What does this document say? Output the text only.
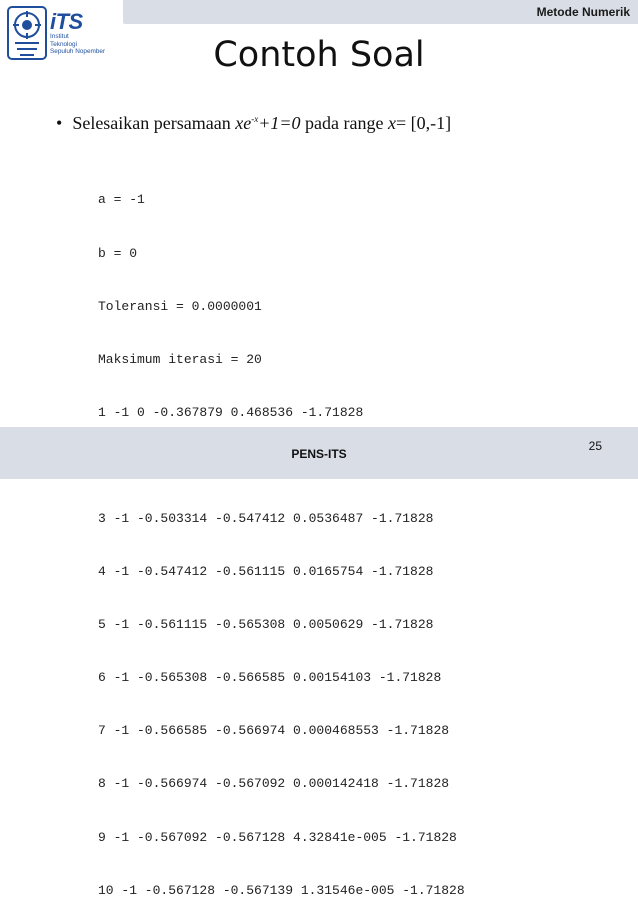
Metode Numerik
iTS
Institut
Teknologi
Sepuluh Nopember	Contoh Soal
• Selesaikan persamaan $xe^{-x}+1=0$ pada range x= [0,-1]

a = -1

b = 0

Toleransi = 0.0000001

Maksimum iterasi = 20

1 -1 0 -0.367879 0.468536 -1.71828

3 -1 -0.503314 -0.547412 0.0536487 -1.71828

4 -1 -0.547412 -0.561115 0.0165754 -1.71828

5 -1 -0.561115 -0.565308 0.0050629 -1.71828

6 -1 -0.565308 -0.566585 0.00154103 -1.71828

7 -1 -0.566585 -0.566974 0.000468553 -1.71828

8 -1 -0.566974 -0.567092 0.000142418 -1.71828

9 -1 -0.567092 -0.567128 4.32841e-005 -1.71828

10 -1 -0.567128 -0.567139 1.31546e-005 -1.71828

PENS-ITS
25
